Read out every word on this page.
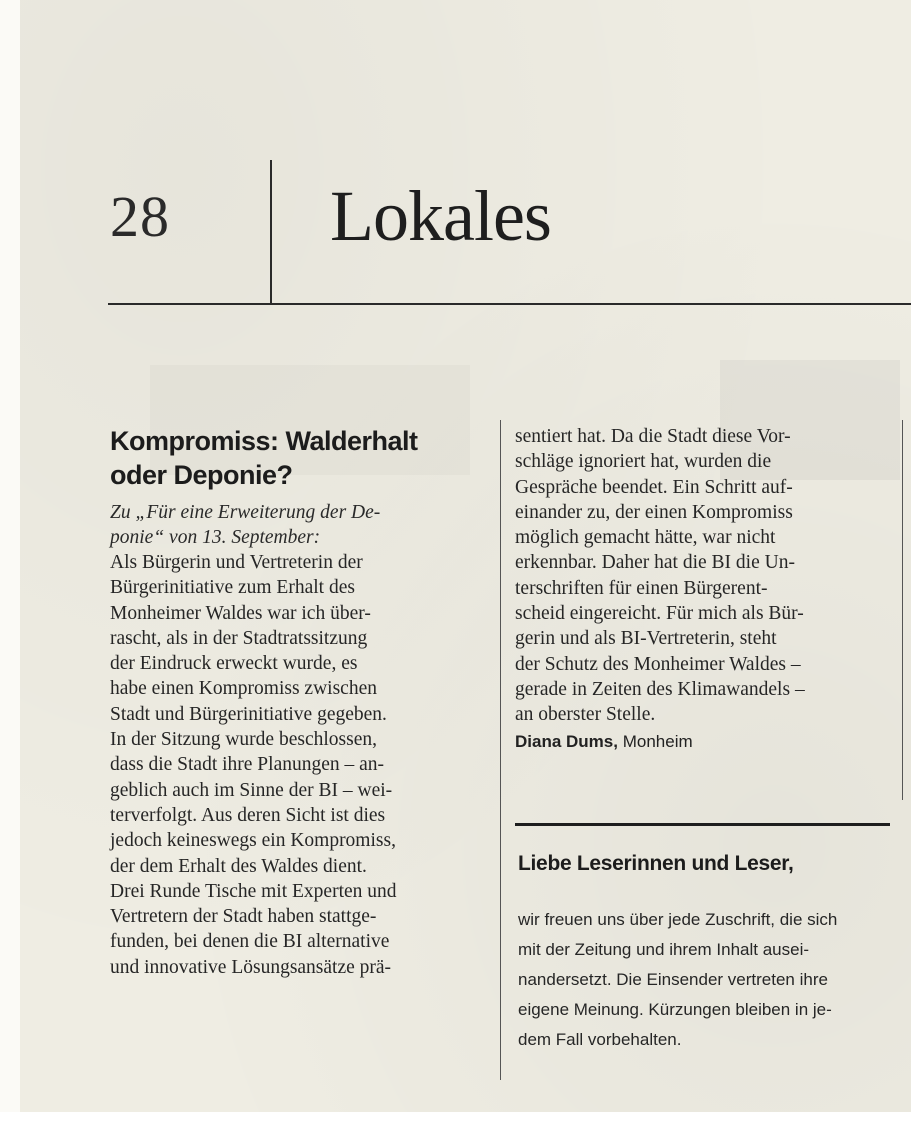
28 Lokales
Kompromiss: Walderhalt
oder Deponie?
Zu „Für eine Erweiterung der De-
ponie“ von 13. September:
Als Bürgerin und Vertreterin der
Bürgerinitiative zum Erhalt des
Monheimer Waldes war ich über-
rascht, als in der Stadtratssitzung
der Eindruck erweckt wurde, es
habe einen Kompromiss zwischen
Stadt und Bürgerinitiative gegeben.
In der Sitzung wurde beschlossen,
dass die Stadt ihre Planungen – an-
geblich auch im Sinne der BI – wei-
terverfolgt. Aus deren Sicht ist dies
jedoch keineswegs ein Kompromiss,
der dem Erhalt des Waldes dient.
Drei Runde Tische mit Experten und
Vertretern der Stadt haben stattge-
funden, bei denen die BI alternative
und innovative Lösungsansätze prä-
sentiert hat. Da die Stadt diese Vor-
schläge ignoriert hat, wurden die
Gespräche beendet. Ein Schritt auf-
einander zu, der einen Kompromiss
möglich gemacht hätte, war nicht
erkennbar. Daher hat die BI die Un-
terschriften für einen Bürgerent-
scheid eingereicht. Für mich als Bür-
gerin und als BI-Vertreterin, steht
der Schutz des Monheimer Waldes –
gerade in Zeiten des Klimawandels –
an oberster Stelle.
Diana Dums, Monheim
Liebe Leserinnen und Leser,
wir freuen uns über jede Zuschrift, die sich
mit der Zeitung und ihrem Inhalt ausei-
nandersetzt. Die Einsender vertreten ihre
eigene Meinung. Kürzungen bleiben in je-
dem Fall vorbehalten.
